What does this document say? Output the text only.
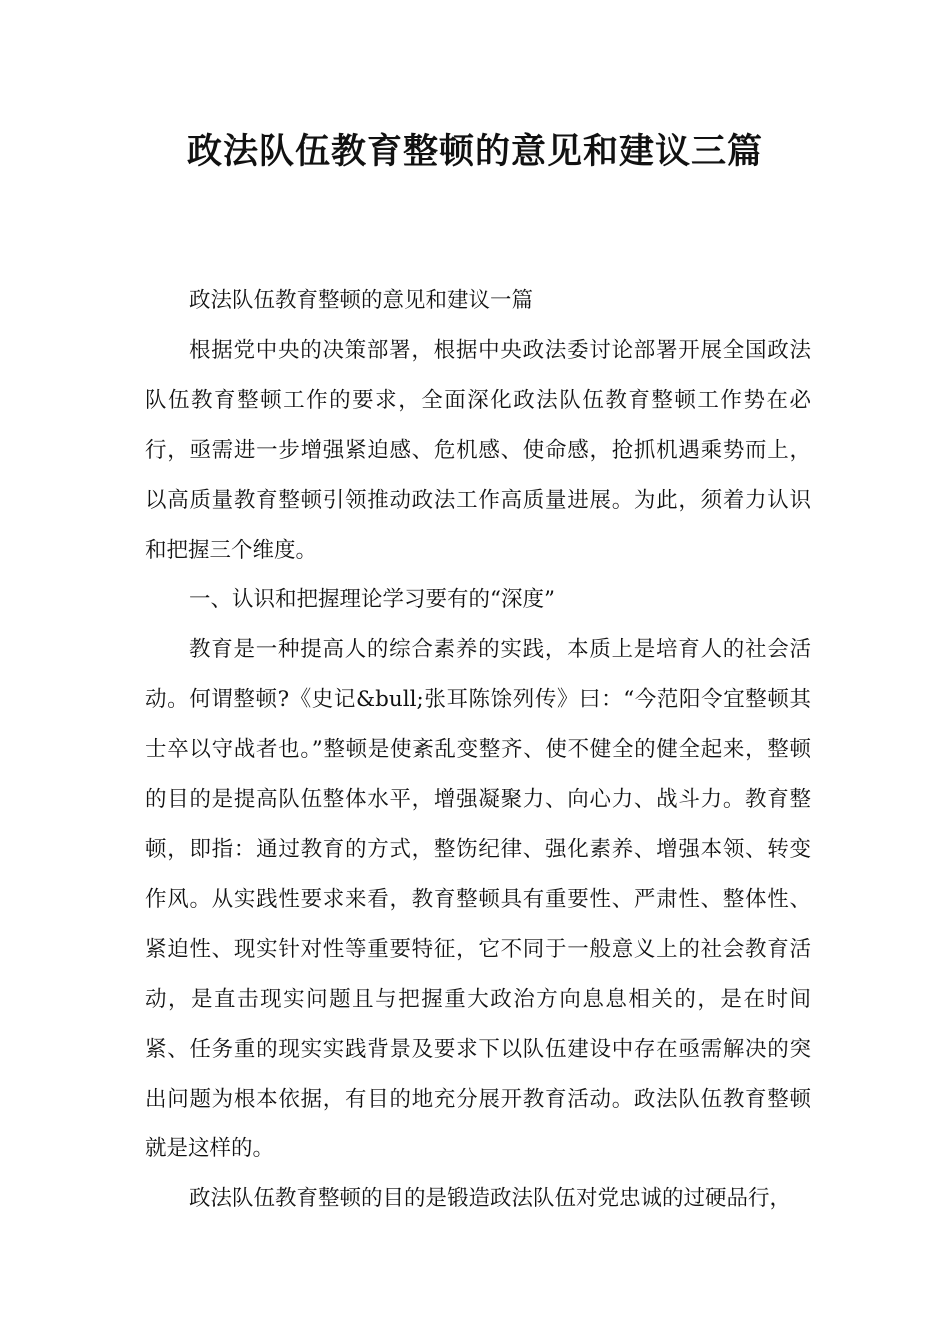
政法队伍教育整顿的意见和建议三篇

政法队伍教育整顿的意见和建议一篇

根据党中央的决策部署，根据中央政法委讨论部署开展全国政法队伍教育整顿工作的要求，全面深化政法队伍教育整顿工作势在必行，亟需进一步增强紧迫感、危机感、使命感，抢抓机遇乘势而上，以高质量教育整顿引领推动政法工作高质量进展。为此，须着力认识和把握三个维度。

一、认识和把握理论学习要有的“深度”

教育是一种提高人的综合素养的实践，本质上是培育人的社会活动。何谓整顿?《史记&bull;张耳陈馀列传》曰：“今范阳令宜整顿其士卒以守战者也。”整顿是使紊乱变整齐、使不健全的健全起来，整顿的目的是提高队伍整体水平，增强凝聚力、向心力、战斗力。教育整顿，即指：通过教育的方式，整饬纪律、强化素养、增强本领、转变作风。从实践性要求来看，教育整顿具有重要性、严肃性、整体性、紧迫性、现实针对性等重要特征，它不同于一般意义上的社会教育活动，是直击现实问题且与把握重大政治方向息息相关的，是在时间紧、任务重的现实实践背景及要求下以队伍建设中存在亟需解决的突出问题为根本依据，有目的地充分展开教育活动。政法队伍教育整顿就是这样的。

政法队伍教育整顿的目的是锻造政法队伍对党忠诚的过硬品行，
